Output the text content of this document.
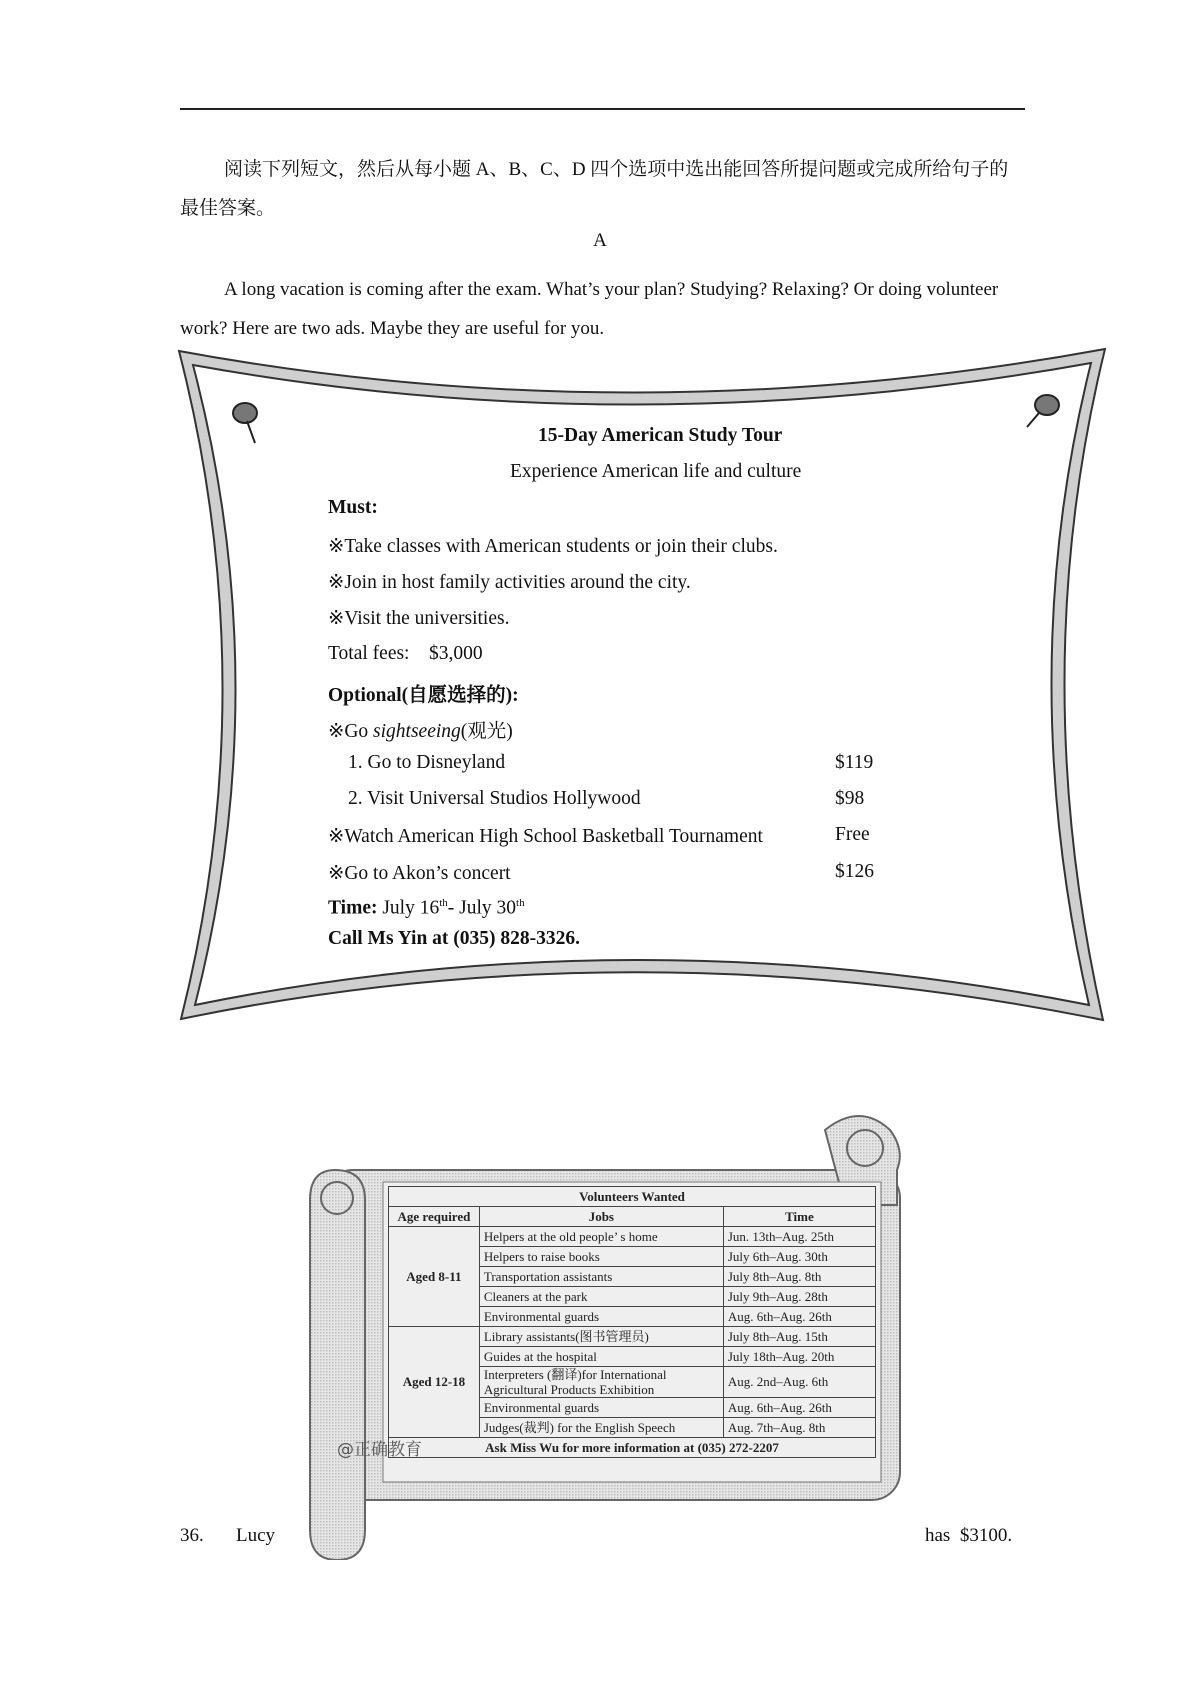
阅读下列短文，然后从每小题 A、B、C、D 四个选项中选出能回答所提问题或完成所给句子的最佳答案。
A
A long vacation is coming after the exam. What’s your plan? Studying? Relaxing? Or doing volunteer work? Here are two ads. Maybe they are useful for you.
15-Day American Study Tour
Experience American life and culture
Must:
※Take classes with American students or join their clubs.
※Join in host family activities around the city.
※Visit the universities.
Total fees:    $3,000
Optional(自愿选择的):
※Go sightseeing(观光)
1. Go to Disneyland	$119
2. Visit Universal Studios Hollywood	$98
※Watch American High School Basketball Tournament	Free
※Go to Akon’s concert	$126
Time: July 16th- July 30th
Call Ms Yin at (035) 828-3326.
Volunteers Wanted		
Age required	Jobs	Time
Aged 8-11	Helpers at the old people’ s home	Jun. 13th–Aug. 25th
	Helpers to raise books	July 6th–Aug. 30th
	Transportation assistants	July 8th–Aug. 8th
	Cleaners at the park	July 9th–Aug. 28th
	Environmental guards	Aug. 6th–Aug. 26th
Aged 12-18	Library assistants(图书管理员)	July 8th–Aug. 15th
	Guides at the hospital	July 18th–Aug. 20th
	Interpreters (翻译)for International Agricultural Products Exhibition	Aug. 2nd–Aug. 6th
	Environmental guards	Aug. 6th–Aug. 26th
	Judges(裁判) for the English Speech	Aug. 7th–Aug. 8th
Ask Miss Wu for more information at (035) 272-2207		
@正确教育
36. Lucy	has  $3100.
